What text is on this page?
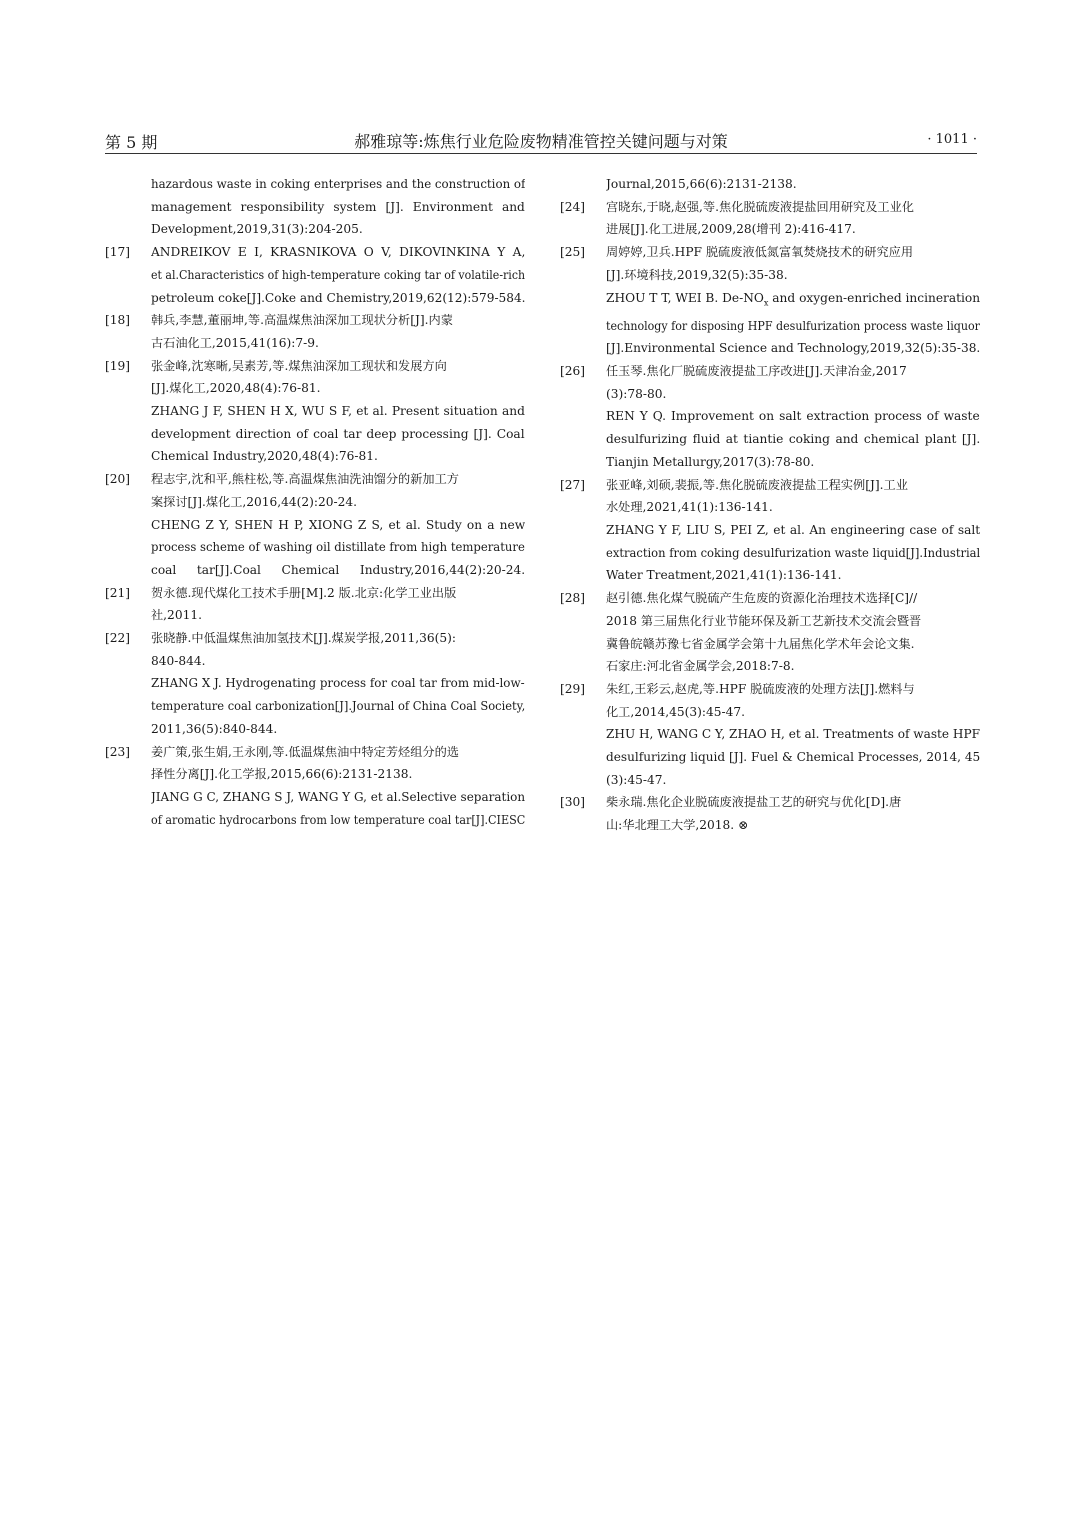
第 5 期	郝雅琼等:炼焦行业危险废物精准管控关键问题与对策	· 1011 ·
hazardous waste in coking enterprises and the construction of
management responsibility system [J]. Environment and
Development,2019,31(3):204-205.
[17] ANDREIKOV E I, KRASNIKOVA O V, DIKOVINKINA Y A,
et al.Characteristics of high-temperature coking tar of volatile-rich
petroleum coke[J].Coke and Chemistry,2019,62(12):579-584.
[18] 韩兵,李慧,董丽坤,等.高温煤焦油深加工现状分析[J].内蒙
古石油化工,2015,41(16):7-9.
[19] 张金峰,沈寒晰,吴素芳,等.煤焦油深加工现状和发展方向
[J].煤化工,2020,48(4):76-81.
ZHANG J F, SHEN H X, WU S F, et al. Present situation and
development direction of coal tar deep processing [J]. Coal
Chemical Industry,2020,48(4):76-81.
[20] 程志宇,沈和平,熊柱松,等.高温煤焦油洗油馏分的新加工方
案探讨[J].煤化工,2016,44(2):20-24.
CHENG Z Y, SHEN H P, XIONG Z S, et al. Study on a new
process scheme of washing oil distillate from high temperature
coal tar[J].Coal Chemical Industry,2016,44(2):20-24.
[21] 贺永德.现代煤化工技术手册[M].2 版.北京:化学工业出版
社,2011.
[22] 张晓静.中低温煤焦油加氢技术[J].煤炭学报,2011,36(5):
840-844.
ZHANG X J. Hydrogenating process for coal tar from mid-low-
temperature coal carbonization[J].Journal of China Coal Society,
2011,36(5):840-844.
[23] 姜广策,张生娟,王永刚,等.低温煤焦油中特定芳烃组分的选
择性分离[J].化工学报,2015,66(6):2131-2138.
JIANG G C, ZHANG S J, WANG Y G, et al.Selective separation
of aromatic hydrocarbons from low temperature coal tar[J].CIESC
Journal,2015,66(6):2131-2138.
[24] 宫晓东,于晓,赵强,等.焦化脱硫废液提盐回用研究及工业化
进展[J].化工进展,2009,28(增刊 2):416-417.
[25] 周婷婷,卫兵.HPF 脱硫废液低氮富氧焚烧技术的研究应用
[J].环境科技,2019,32(5):35-38.
ZHOU T T, WEI B. $De-NO_x$ and oxygen-enriched incineration
technology for disposing HPF desulfurization process waste liquor
[J].Environmental Science and Technology,2019,32(5):35-38.
[26] 任玉琴.焦化厂脱硫废液提盐工序改进[J].天津冶金,2017
(3):78-80.
REN Y Q. Improvement on salt extraction process of waste
desulfurizing fluid at tiantie coking and chemical plant [J].
Tianjin Metallurgy,2017(3):78-80.
[27] 张亚峰,刘硕,裴振,等.焦化脱硫废液提盐工程实例[J].工业
水处理,2021,41(1):136-141.
ZHANG Y F, LIU S, PEI Z, et al. An engineering case of salt
extraction from coking desulfurization waste liquid[J].Industrial
Water Treatment,2021,41(1):136-141.
[28] 赵引德.焦化煤气脱硫产生危废的资源化治理技术选择[C]//
2018 第三届焦化行业节能环保及新工艺新技术交流会暨晋
冀鲁皖赣苏豫七省金属学会第十九届焦化学术年会论文集.
石家庄:河北省金属学会,2018:7-8.
[29] 朱红,王彩云,赵虎,等.HPF 脱硫废液的处理方法[J].燃料与
化工,2014,45(3):45-47.
ZHU H, WANG C Y, ZHAO H, et al. Treatments of waste HPF
desulfurizing liquid [J]. Fuel & Chemical Processes, 2014, 45
(3):45-47.
[30] 柴永瑞.焦化企业脱硫废液提盐工艺的研究与优化[D].唐
山:华北理工大学,2018. ⊗
